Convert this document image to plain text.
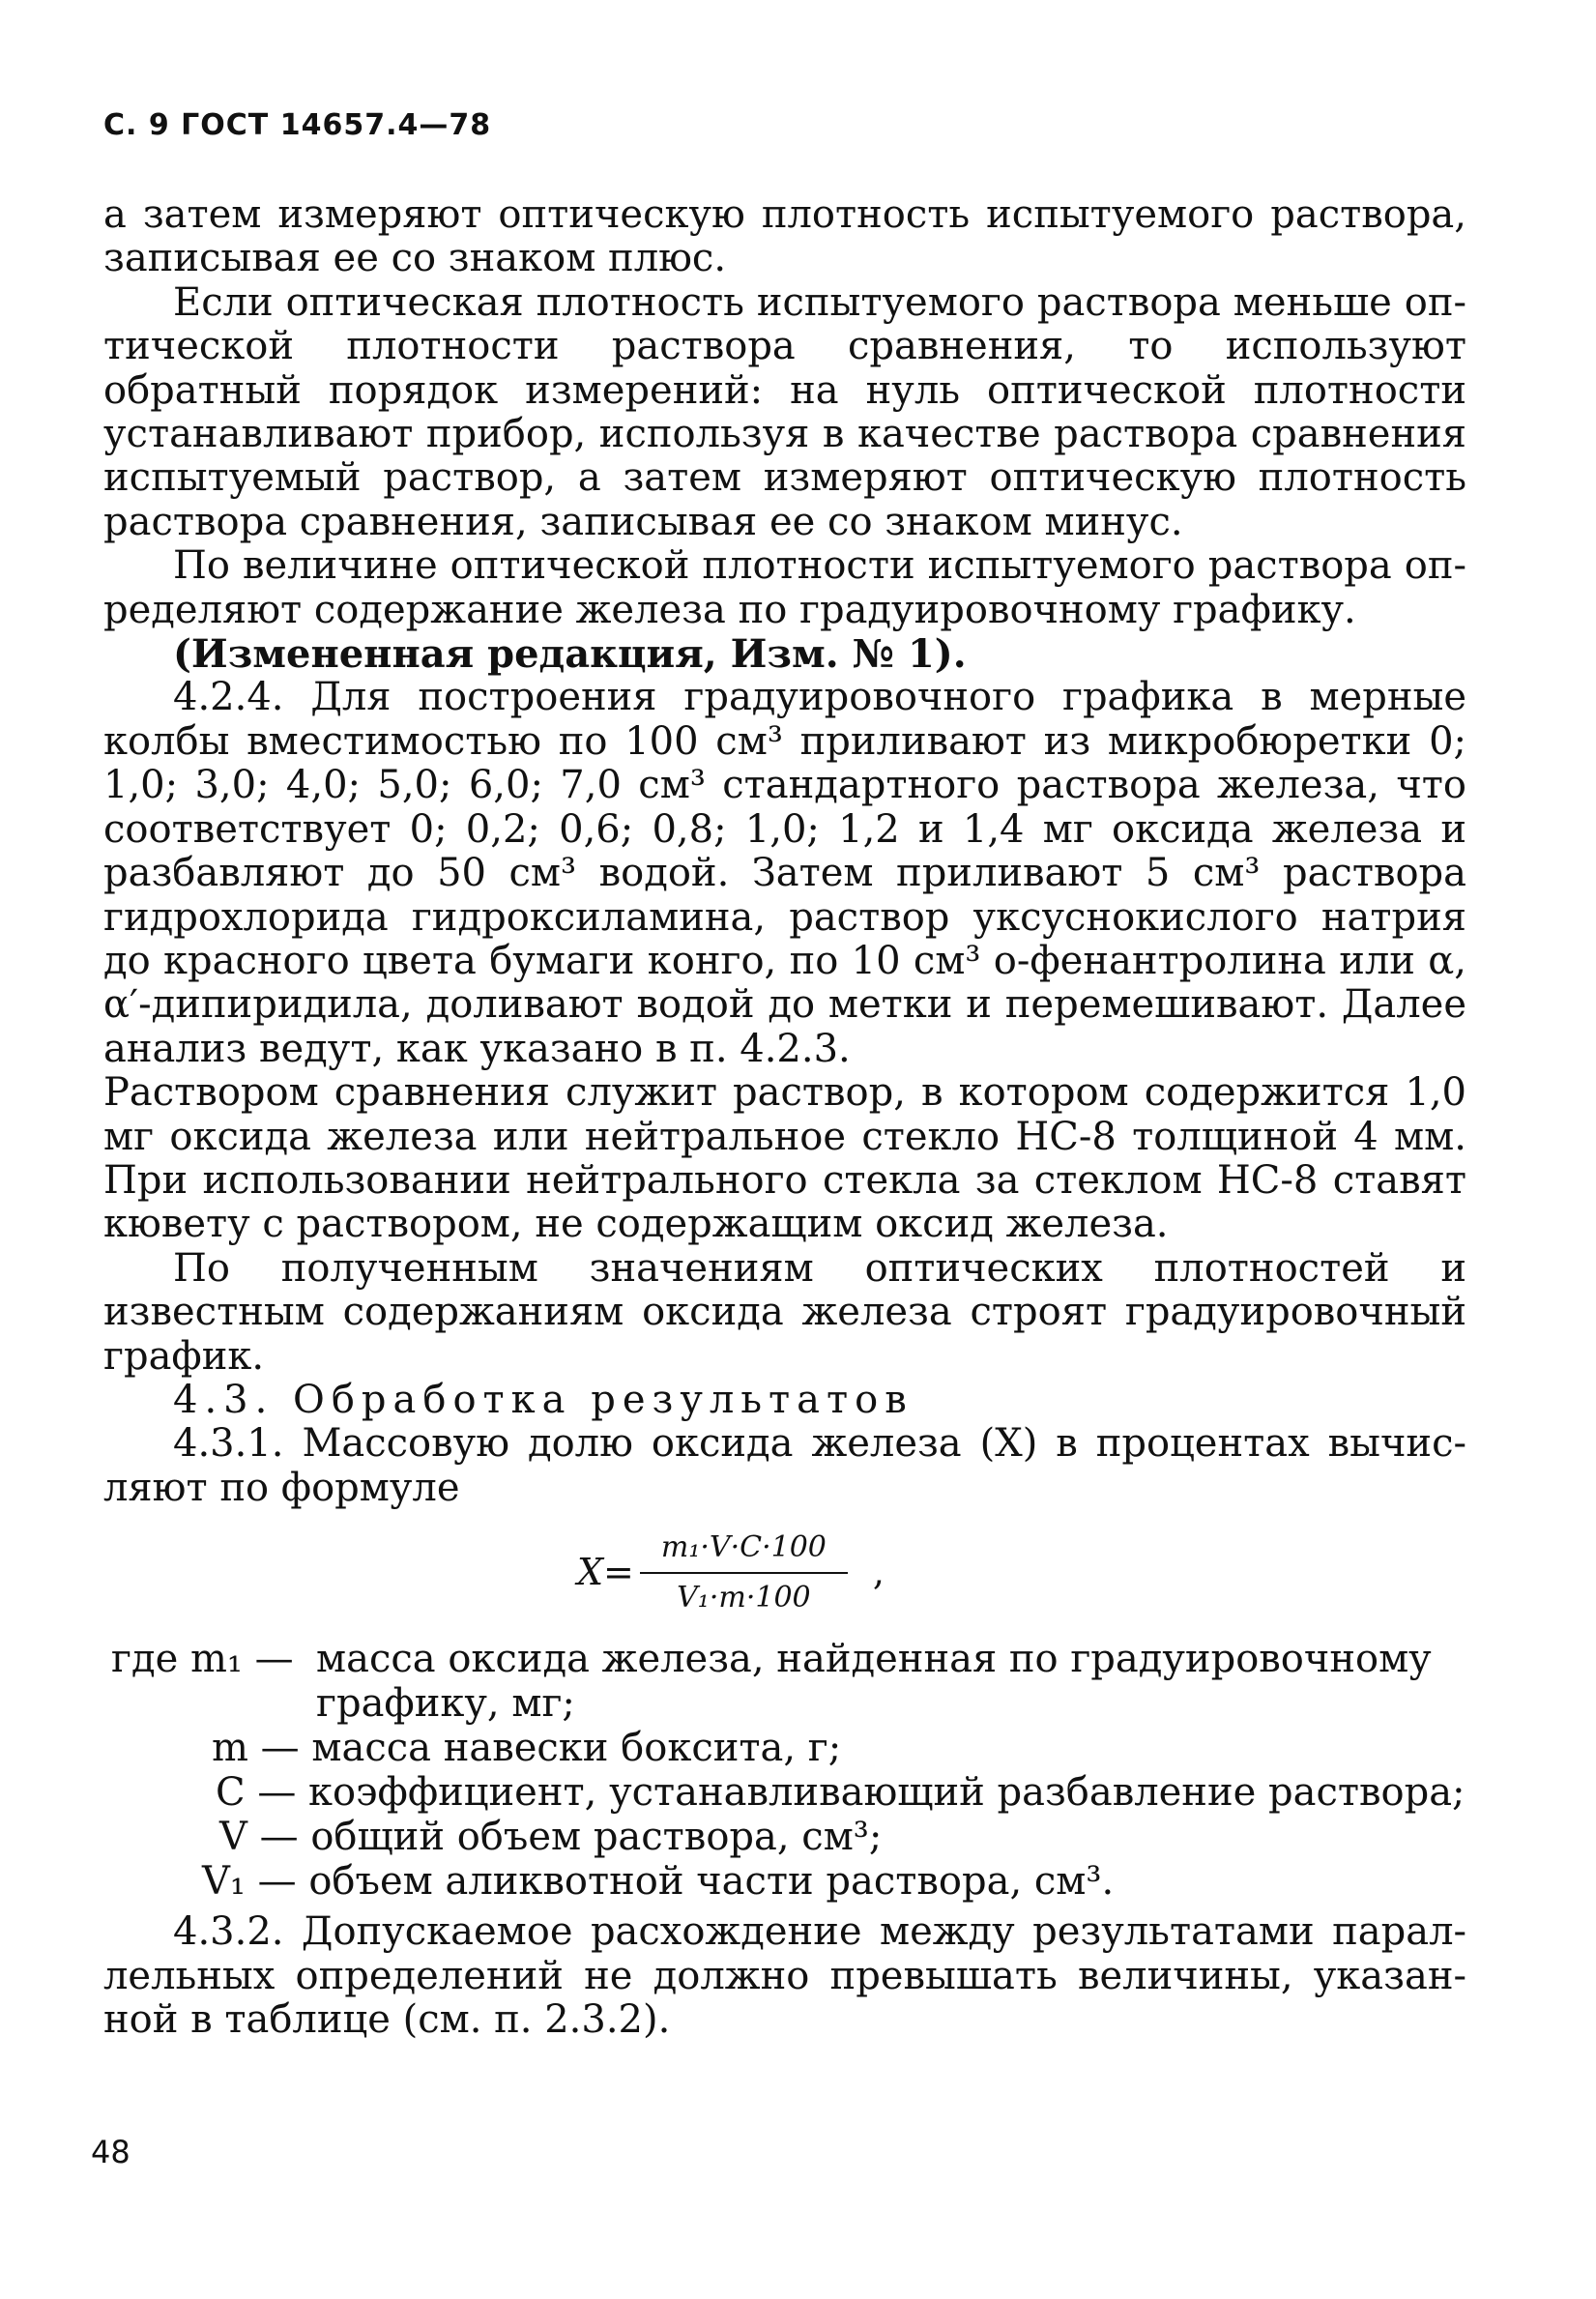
С. 9 ГОСТ 14657.4—78

а затем измеряют оптическую плотность испытуемого раствора, записывая ее со знаком плюс.

Если оптическая плотность испытуемого раствора меньше оптической плотности раствора сравнения, то используют обратный порядок измерений: на нуль оптической плотности устанавливают прибор, используя в качестве раствора сравнения испытуемый раствор, а затем измеряют оптическую плотность раствора сравнения, записывая ее со знаком минус.

По величине оптической плотности испытуемого раствора определяют содержание железа по градуировочному графику.

(Измененная редакция, Изм. № 1).

4.2.4. Для построения градуировочного графика в мерные колбы вместимостью по 100 см³ приливают из микробюретки 0; 1,0; 3,0; 4,0; 5,0; 6,0; 7,0 см³ стандартного раствора железа, что соответствует 0; 0,2; 0,6; 0,8; 1,0; 1,2 и 1,4 мг оксида железа и разбавляют до 50 см³ водой. Затем приливают 5 см³ раствора гидрохлорида гидроксиламина, раствор уксуснокислого натрия до красного цвета бумаги конго, по 10 см³ о-фенантролина или α, α′-дипиридила, доливают водой до метки и перемешивают. Далее анализ ведут, как указано в п. 4.2.3.

Раствором сравнения служит раствор, в котором содержится 1,0 мг оксида железа или нейтральное стекло НС-8 толщиной 4 мм. При использовании нейтрального стекла за стеклом НС-8 ставят кювету с раствором, не содержащим оксид железа.

По полученным значениям оптических плотностей и известным содержаниям оксида железа строят градуировочный график.

4.3. Обработка результатов

4.3.1. Массовую долю оксида железа (X) в процентах вычисляют по формуле

$X= \frac{\text{m₁·V·C·100}}{\text{V₁·m·100}}$ ,
где m₁ — масса оксида железа, найденная по градуировочному
графику, мг;
m — масса навески боксита, г;
C — коэффициент, устанавливающий разбавление раствора;
V — общий объем раствора, см³;
V₁ — объем аликвотной части раствора, см³.

4.3.2. Допускаемое расхождение между результатами параллельных определений не должно превышать величины, указанной в таблице (см. п. 2.3.2).

48
